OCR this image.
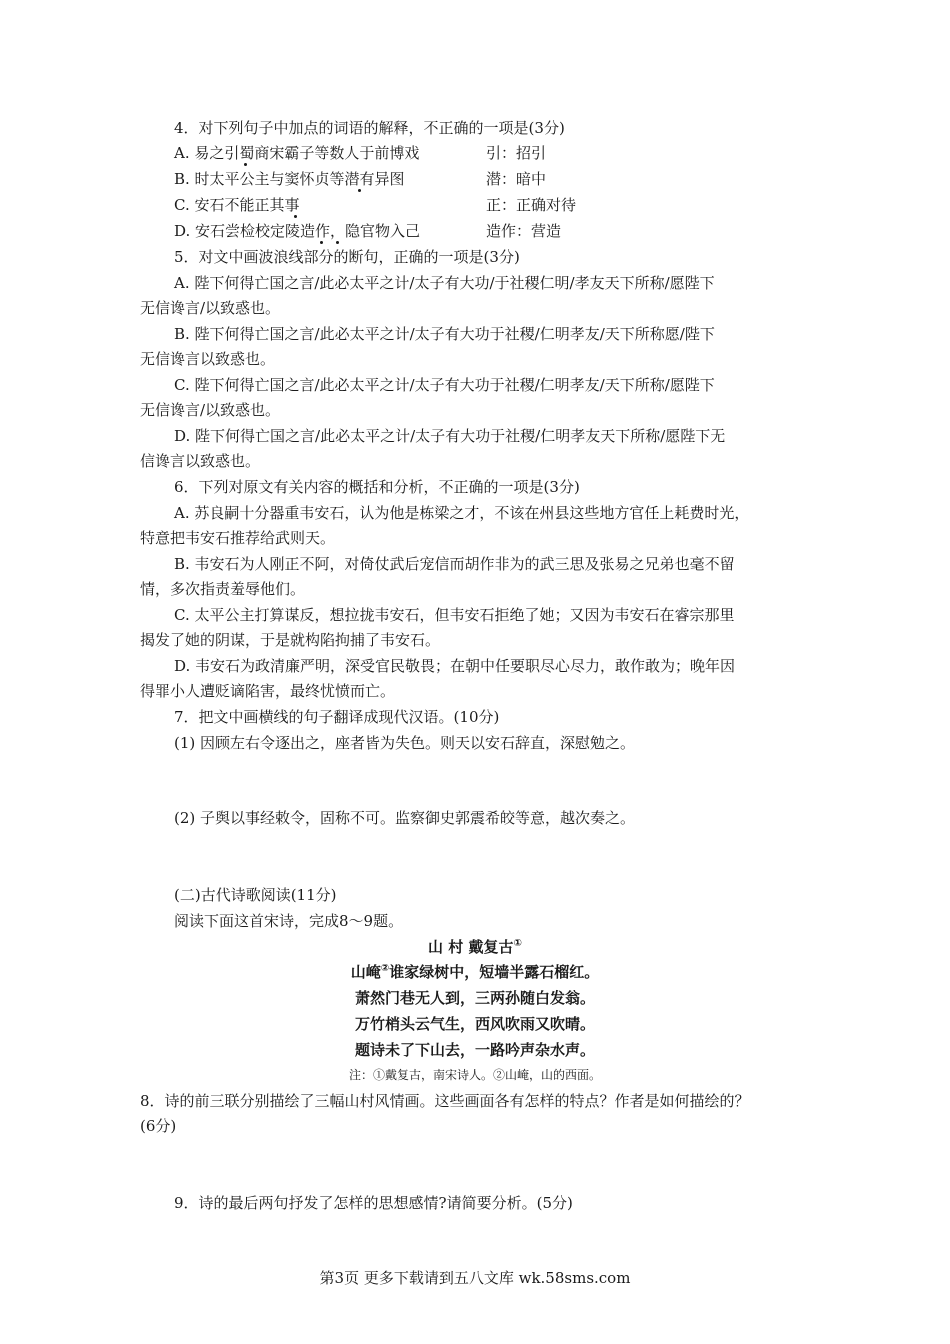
4．对下列句子中加点的词语的解释，不正确的一项是(3分)
A. 易之引蜀商宋霸子等数人于前博戏	引：招引
B. 时太平公主与窦怀贞等潜有异图	潜：暗中
C. 安石不能正其事	正：正确对待
D. 安石尝检校定陵造作，隐官物入己	造作：营造
5．对文中画波浪线部分的断句，正确的一项是(3分)
A. 陛下何得亡国之言/此必太平之计/太子有大功/于社稷仁明/孝友天下所称/愿陛下
无信谗言/以致惑也。
B. 陛下何得亡国之言/此必太平之计/太子有大功于社稷/仁明孝友/天下所称愿/陛下
无信谗言以致惑也。
C. 陛下何得亡国之言/此必太平之计/太子有大功于社稷/仁明孝友/天下所称/愿陛下
无信谗言/以致惑也。
D. 陛下何得亡国之言/此必太平之计/太子有大功于社稷/仁明孝友天下所称/愿陛下无
信谗言以致惑也。
6．下列对原文有关内容的概括和分析，不正确的一项是(3分)
A. 苏良嗣十分器重韦安石，认为他是栋梁之才，不该在州县这些地方官任上耗费时光，
特意把韦安石推荐给武则天。
B. 韦安石为人刚正不阿，对倚仗武后宠信而胡作非为的武三思及张易之兄弟也毫不留
情，多次指责羞辱他们。
C. 太平公主打算谋反，想拉拢韦安石，但韦安石拒绝了她；又因为韦安石在睿宗那里
揭发了她的阴谋，于是就构陷拘捕了韦安石。
D. 韦安石为政清廉严明，深受官民敬畏；在朝中任要职尽心尽力，敢作敢为；晚年因
得罪小人遭贬谪陷害，最终忧愤而亡。
7．把文中画横线的句子翻译成现代汉语。(10分)
(1) 因顾左右令逐出之，座者皆为失色。则天以安石辞直，深慰勉之。
(2) 子舆以事经敕令，固称不可。监察御史郭震希皎等意，越次奏之。
(二)古代诗歌阅读(11分)
阅读下面这首宋诗，完成8～9题。
山 村 戴复古①
山崦②谁家绿树中，短墙半露石榴红。
萧然门巷无人到，三两孙随白发翁。
万竹梢头云气生，西风吹雨又吹晴。
题诗未了下山去，一路吟声杂水声。
注：①戴复古，南宋诗人。②山崦，山的西面。
8．诗的前三联分别描绘了三幅山村风情画。这些画面各有怎样的特点？作者是如何描绘的？
(6分)
9．诗的最后两句抒发了怎样的思想感情?请简要分析。(5分)
第3页 更多下载请到五八文库 wk.58sms.com
